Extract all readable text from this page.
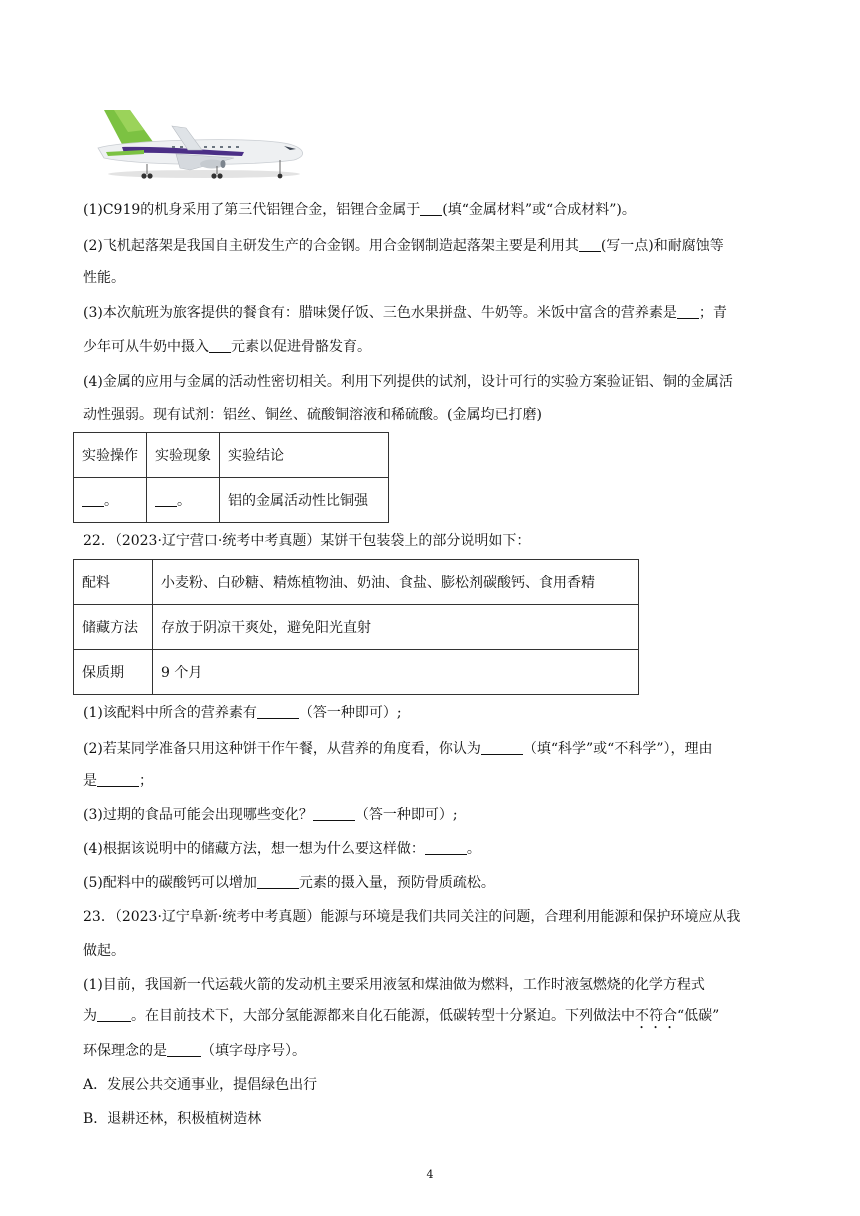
(1)C919的机身采用了第三代铝锂合金，铝锂合金属于 (填“金属材料”或“合成材料”)。
(2)飞机起落架是我国自主研发生产的合金钢。用合金钢制造起落架主要是利用其 (写一点)和耐腐蚀等
性能。
(3)本次航班为旅客提供的餐食有：腊味煲仔饭、三色水果拼盘、牛奶等。米饭中富含的营养素是 ；青
少年可从牛奶中摄入 元素以促进骨骼发育。
(4)金属的应用与金属的活动性密切相关。利用下列提供的试剂，设计可行的实验方案验证铝、铜的金属活
动性强弱。现有试剂：铝丝、铜丝、硫酸铜溶液和稀硫酸。(金属均已打磨)
实验操作	实验现象	实验结论
。	。	铝的金属活动性比铜强
22．（2023·辽宁营口·统考中考真题）某饼干包装袋上的部分说明如下：
配料	小麦粉、白砂糖、精炼植物油、奶油、食盐、膨松剂碳酸钙、食用香精
储藏方法	存放于阴凉干爽处，避免阳光直射
保质期	9 个月
(1)该配料中所含的营养素有	（答一种即可）;
(2)若某同学准备只用这种饼干作午餐，从营养的角度看，你认为	（填“科学”或“不科学”），理由
是	；
(3)过期的食品可能会出现哪些变化？	（答一种即可）;
(4)根据该说明中的储藏方法，想一想为什么要这样做：	。
(5)配料中的碳酸钙可以增加	元素的摄入量，预防骨质疏松。
23．（2023·辽宁阜新·统考中考真题）能源与环境是我们共同关注的问题，合理利用能源和保护环境应从我
做起。
(1)目前，我国新一代运载火箭的发动机主要采用液氢和煤油做为燃料，工作时液氢燃烧的化学方程式
为 。在目前技术下，大部分氢能源都来自化石能源，低碳转型十分紧迫。下列做法中不符合“低碳”
环保理念的是 （填字母序号）。
A．发展公共交通事业，提倡绿色出行
B．退耕还林，积极植树造林
4
